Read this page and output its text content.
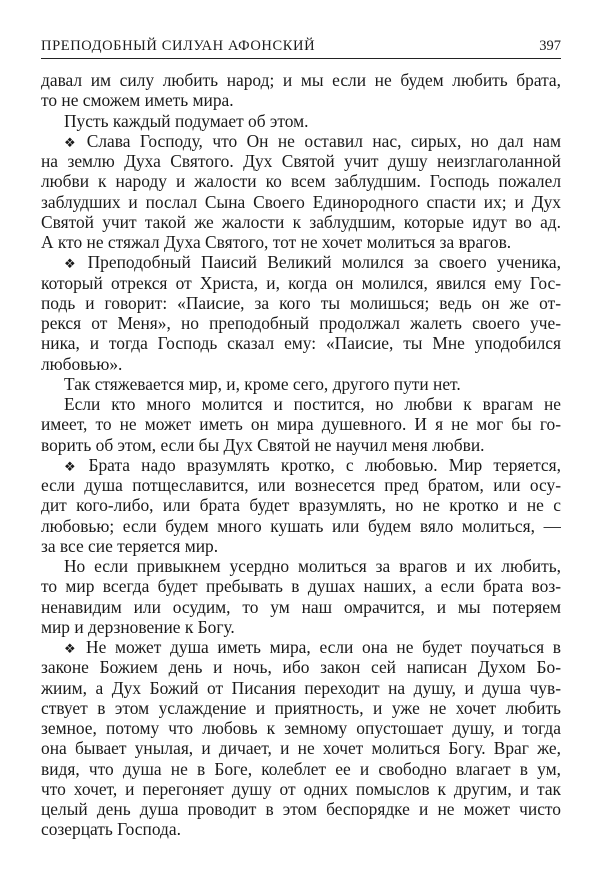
ПРЕПОДОБНЫЙ СИЛУАН АФОНСКИЙ	397
давал им силу любить народ; и мы если не будем любить брата,
то не сможем иметь мира.
Пусть каждый подумает об этом.
❖ Слава Господу, что Он не оставил нас, сирых, но дал нам
на землю Духа Святого. Дух Святой учит душу неизглаголанной
любви к народу и жалости ко всем заблудшим. Господь пожалел
заблудших и послал Сына Своего Единородного спасти их; и Дух
Святой учит такой же жалости к заблудшим, которые идут во ад.
А кто не стяжал Духа Святого, тот не хочет молиться за врагов.
❖ Преподобный Паисий Великий молился за своего ученика,
который отрекся от Христа, и, когда он молился, явился ему Гос-
подь и говорит: «Паисие, за кого ты молишься; ведь он же от-
рекся от Меня», но преподобный продолжал жалеть своего уче-
ника, и тогда Господь сказал ему: «Паисие, ты Мне уподобился
любовью».
Так стяжевается мир, и, кроме сего, другого пути нет.
Если кто много молится и постится, но любви к врагам не
имеет, то не может иметь он мира душевного. И я не мог бы го-
ворить об этом, если бы Дух Святой не научил меня любви.
❖ Брата надо вразумлять кротко, с любовью. Мир теряется,
если душа потщеславится, или вознесется пред братом, или осу-
дит кого-либо, или брата будет вразумлять, но не кротко и не с
любовью; если будем много кушать или будем вяло молиться, —
за все сие теряется мир.
Но если привыкнем усердно молиться за врагов и их любить,
то мир всегда будет пребывать в душах наших, а если брата воз-
ненавидим или осудим, то ум наш омрачится, и мы потеряем
мир и дерзновение к Богу.
❖ Не может душа иметь мира, если она не будет поучаться в
законе Божием день и ночь, ибо закон сей написан Духом Бо-
жиим, а Дух Божий от Писания переходит на душу, и душа чув-
ствует в этом услаждение и приятность, и уже не хочет любить
земное, потому что любовь к земному опустошает душу, и тогда
она бывает унылая, и дичает, и не хочет молиться Богу. Враг же,
видя, что душа не в Боге, колеблет ее и свободно влагает в ум,
что хочет, и перегоняет душу от одних помыслов к другим, и так
целый день душа проводит в этом беспорядке и не может чисто
созерцать Господа.
